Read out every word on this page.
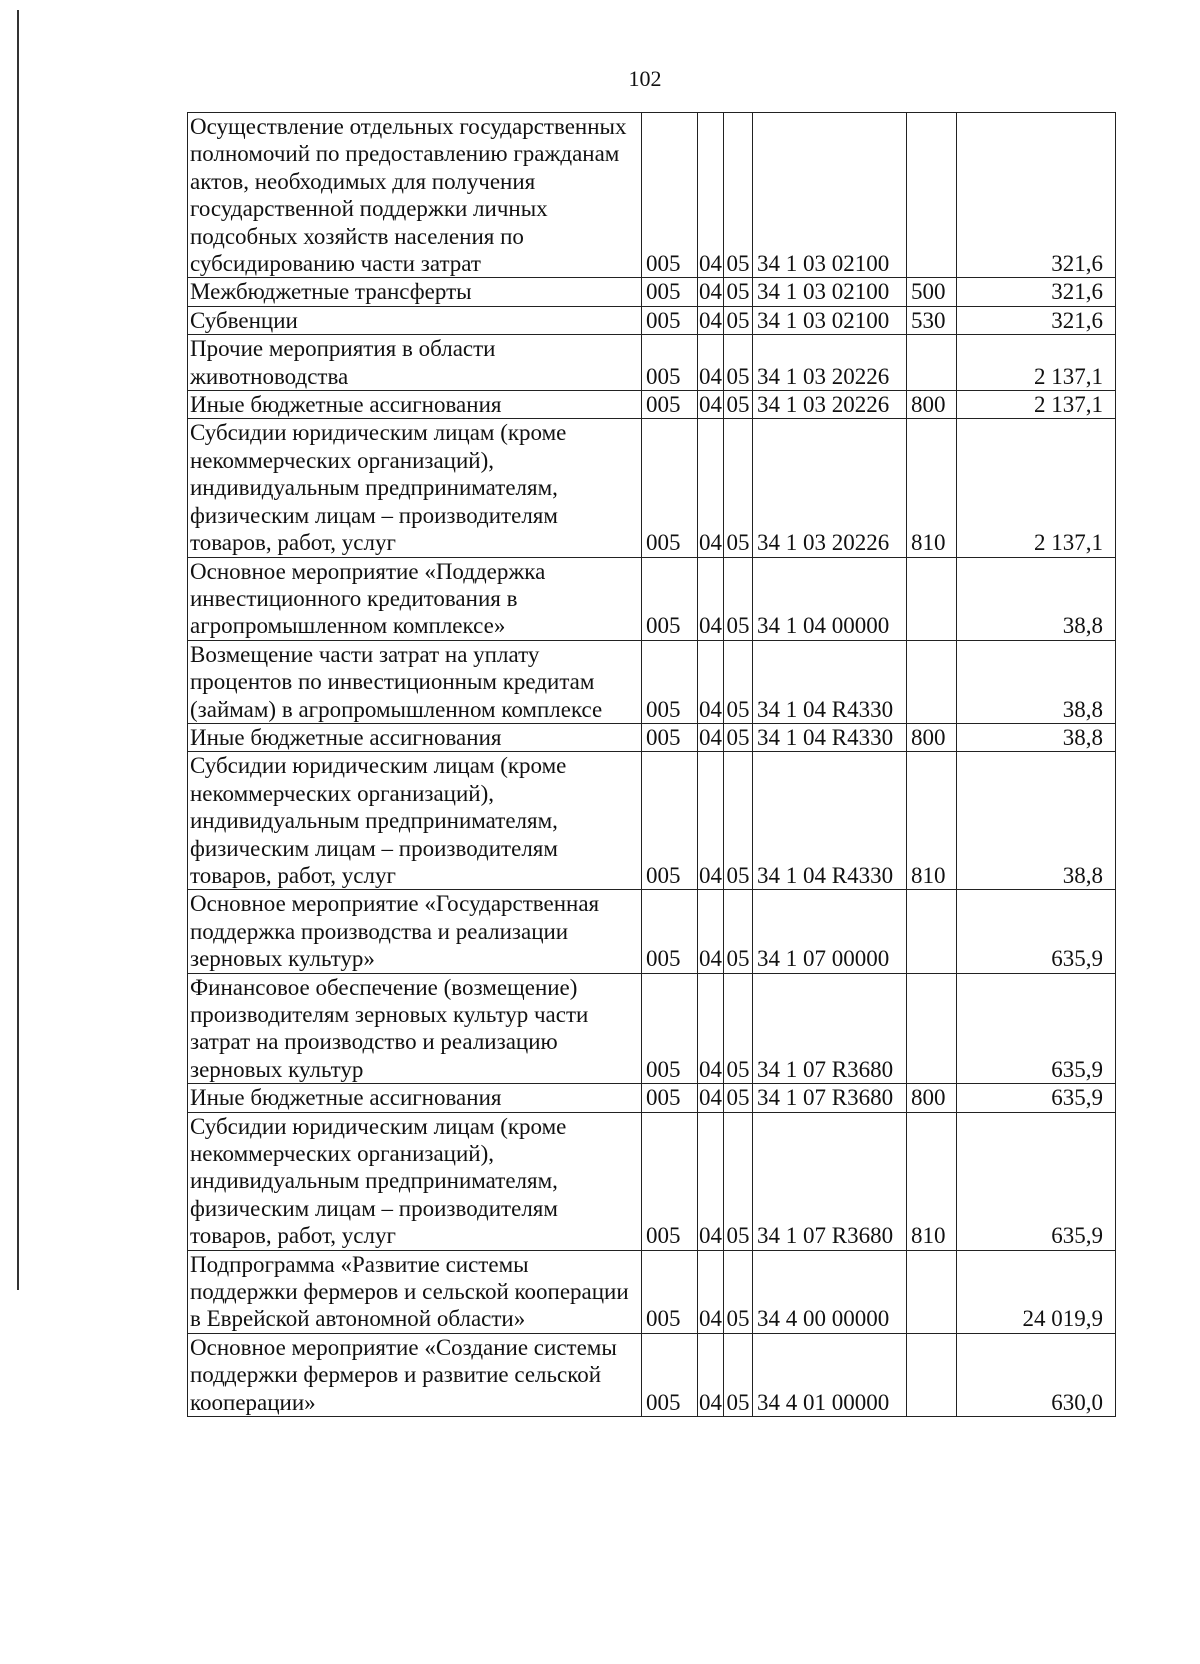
102
Осуществление отдельных государственных полномочий по предоставлению гражданам актов, необходимых для получения государственной поддержки личных подсобных хозяйств населения по субсидированию части затрат	005	04	05	34 1 03 02100		321,6
Межбюджетные трансферты	005	04	05	34 1 03 02100	500	321,6
Субвенции	005	04	05	34 1 03 02100	530	321,6
Прочие мероприятия в области животноводства	005	04	05	34 1 03 20226		2 137,1
Иные бюджетные ассигнования	005	04	05	34 1 03 20226	800	2 137,1
Субсидии юридическим лицам (кроме некоммерческих организаций), индивидуальным предпринимателям, физическим лицам – производителям товаров, работ, услуг	005	04	05	34 1 03 20226	810	2 137,1
Основное мероприятие «Поддержка инвестиционного кредитования в агропромышленном комплексе»	005	04	05	34 1 04 00000		38,8
Возмещение части затрат на уплату процентов по инвестиционным кредитам (займам) в агропромышленном комплексе	005	04	05	34 1 04 R4330		38,8
Иные бюджетные ассигнования	005	04	05	34 1 04 R4330	800	38,8
Субсидии юридическим лицам (кроме некоммерческих организаций), индивидуальным предпринимателям, физическим лицам – производителям товаров, работ, услуг	005	04	05	34 1 04 R4330	810	38,8
Основное мероприятие «Государственная поддержка производства и реализации зерновых культур»	005	04	05	34 1 07 00000		635,9
Финансовое обеспечение (возмещение) производителям зерновых культур части затрат на производство и реализацию зерновых культур	005	04	05	34 1 07 R3680		635,9
Иные бюджетные ассигнования	005	04	05	34 1 07 R3680	800	635,9
Субсидии юридическим лицам (кроме некоммерческих организаций), индивидуальным предпринимателям, физическим лицам – производителям товаров, работ, услуг	005	04	05	34 1 07 R3680	810	635,9
Подпрограмма «Развитие системы поддержки фермеров и сельской кооперации в Еврейской автономной области»	005	04	05	34 4 00 00000		24 019,9
Основное мероприятие «Создание системы поддержки фермеров и развитие сельской кооперации»	005	04	05	34 4 01 00000		630,0
